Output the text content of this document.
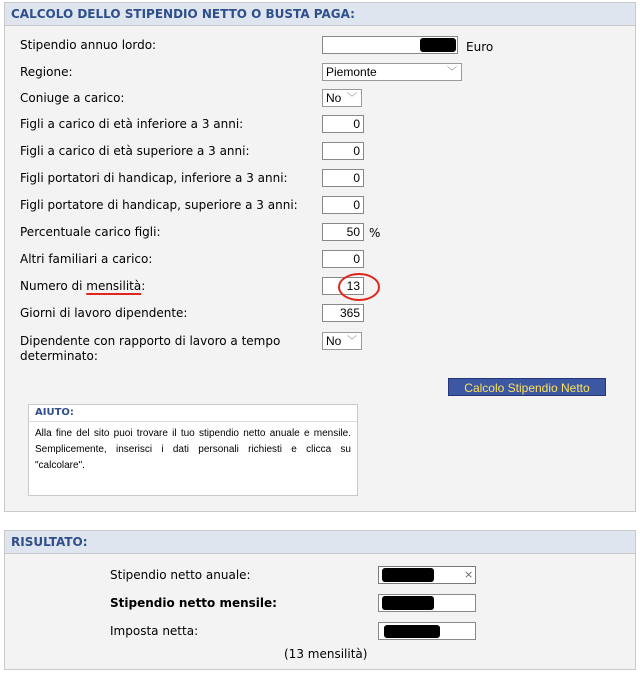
CALCOLO DELLO STIPENDIO NETTO O BUSTA PAGA:
Stipendio annuo lordo:	Euro
Regione:	Piemonte	﹀
Coniuge a carico:	No ﹀
Figli a carico di età inferiore a 3 anni:	0
Figli a carico di età superiore a 3 anni:	0
Figli portatori di handicap, inferiore a 3 anni:	0
Figli portatore di handicap, superiore a 3 anni:	0
Percentuale carico figli:	50 %
Altri familiari a carico:	0
Numero di mensilità:	13
Giorni di lavoro dipendente:	365
Dipendente con rapporto di lavoro a tempo determinato:
No ﹀
Calcolo Stipendio Netto
AIUTO:
Alla fine del sito puoi trovare il tuo stipendio netto anuale e mensile. Semplicemente, inserisci i dati personali richiesti e clicca su "calcolare".
RISULTATO:
Stipendio netto anuale:	×
Stipendio netto mensile:
Imposta netta:
(13 mensilità)
